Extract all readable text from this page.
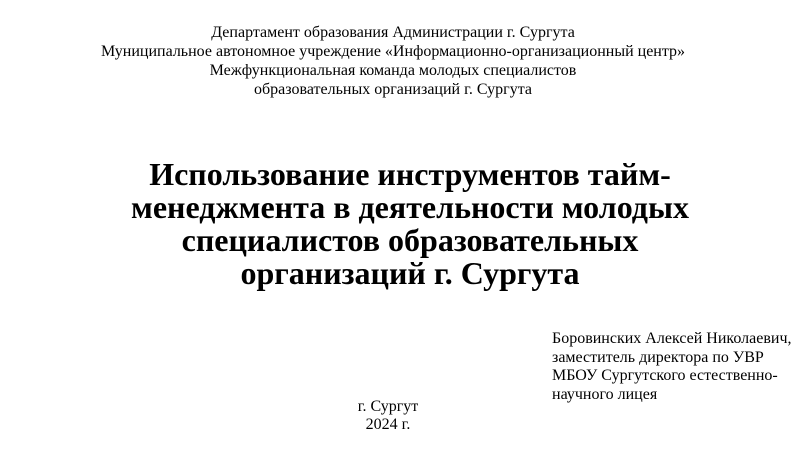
Департамент образования Администрации г. Сургута
Муниципальное автономное учреждение «Информационно-организационный центр»
Межфункциональная команда молодых специалистов
образовательных организаций г. Сургута
Использование инструментов тайм-
менеджмента в деятельности молодых
специалистов образовательных
организаций г. Сургута
Боровинских Алексей Николаевич,
заместитель директора по УВР
МБОУ Сургутского естественно-
научного лицея
г. Сургут
2024 г.
